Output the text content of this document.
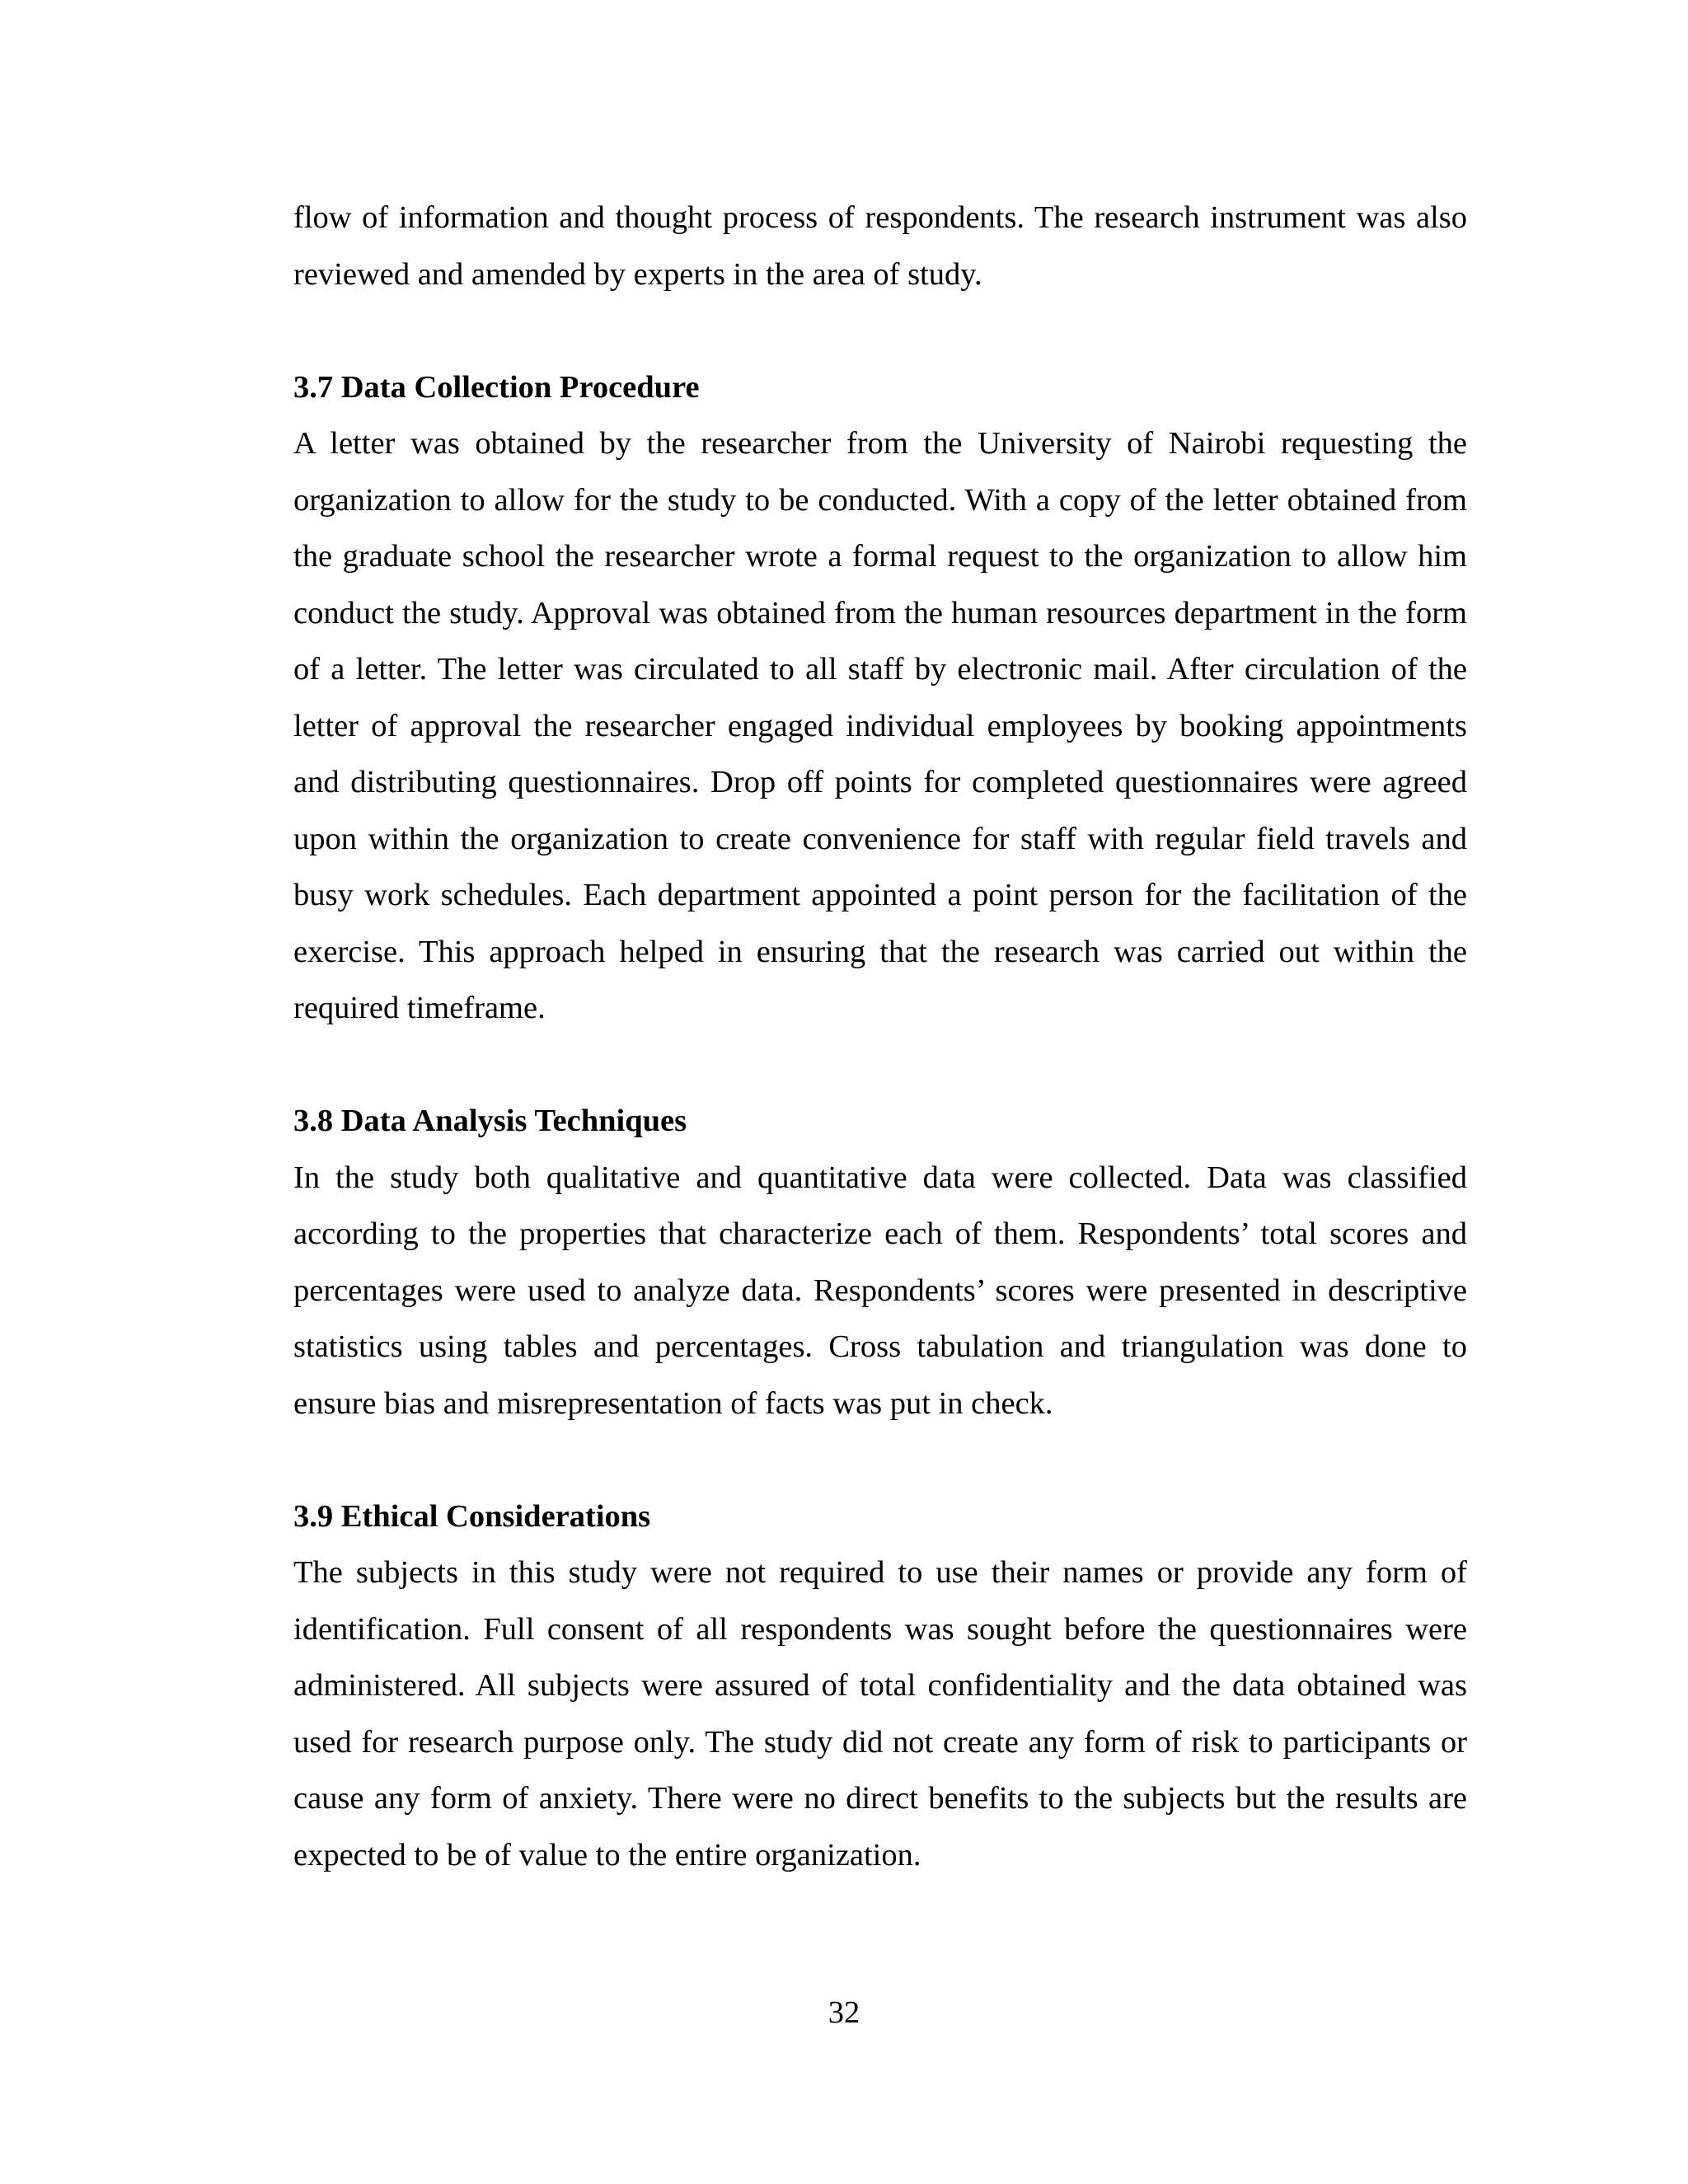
flow of information and thought process of respondents. The research instrument was also reviewed and amended by experts in the area of study.

3.7 Data Collection Procedure

A letter was obtained by the researcher from the University of Nairobi requesting the organization to allow for the study to be conducted. With a copy of the letter obtained from the graduate school the researcher wrote a formal request to the organization to allow him conduct the study. Approval was obtained from the human resources department in the form of a letter. The letter was circulated to all staff by electronic mail. After circulation of the letter of approval the researcher engaged individual employees by booking appointments and distributing questionnaires. Drop off points for completed questionnaires were agreed upon within the organization to create convenience for staff with regular field travels and busy work schedules. Each department appointed a point person for the facilitation of the exercise. This approach helped in ensuring that the research was carried out within the required timeframe.

3.8 Data Analysis Techniques

In the study both qualitative and quantitative data were collected. Data was classified according to the properties that characterize each of them. Respondents’ total scores and percentages were used to analyze data. Respondents’ scores were presented in descriptive statistics using tables and percentages. Cross tabulation and triangulation was done to ensure bias and misrepresentation of facts was put in check.

3.9 Ethical Considerations

The subjects in this study were not required to use their names or provide any form of identification. Full consent of all respondents was sought before the questionnaires were administered. All subjects were assured of total confidentiality and the data obtained was used for research purpose only. The study did not create any form of risk to participants or cause any form of anxiety. There were no direct benefits to the subjects but the results are expected to be of value to the entire organization.

32
